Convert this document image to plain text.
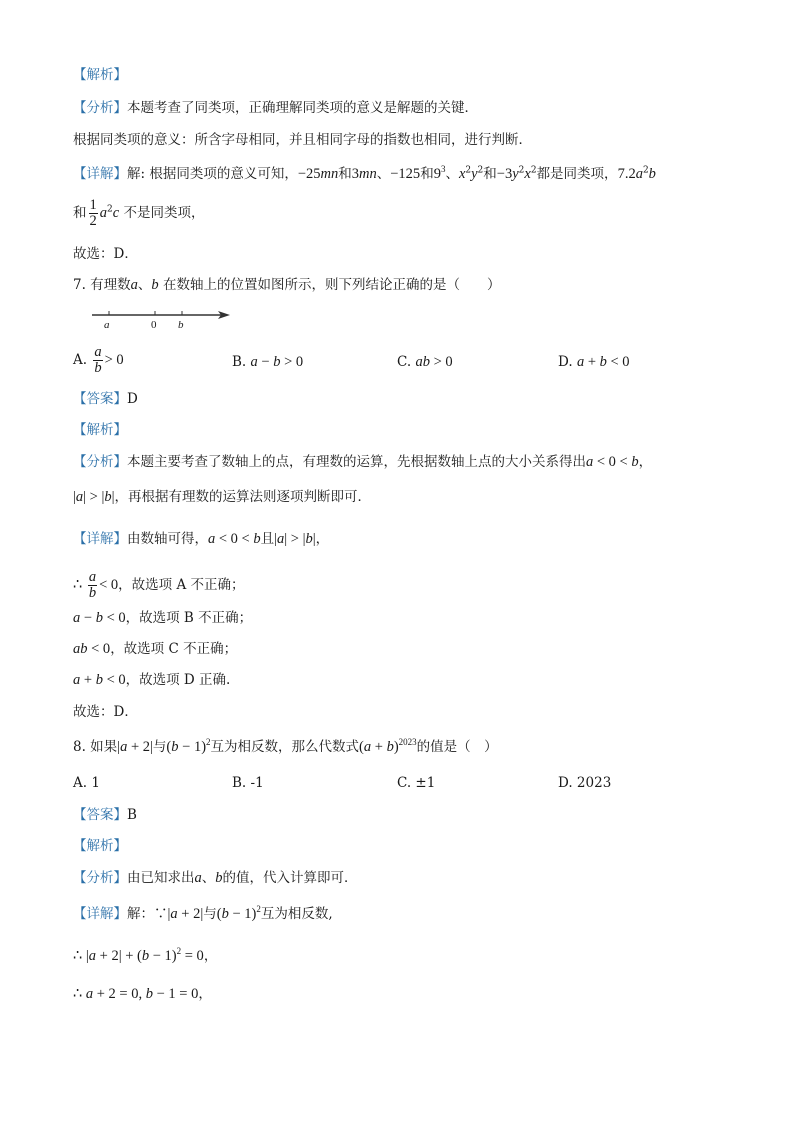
【解析】
【分析】本题考查了同类项，正确理解同类项的意义是解题的关键．
根据同类项的意义：所含字母相同，并且相同字母的指数也相同，进行判断．
【详解】解: 根据同类项的意义可知，−25mn和3mn、−125和$9^3$、$x^2y^2$和$-3y^2x^2$都是同类项，$7.2a^2b$
和 $\frac{1}{2} a^2c$ 不是同类项，
故选：D．
7. 有理数a、b 在数轴上的位置如图所示，则下列结论正确的是（　　）
a	0 b
A. $\frac{a}{b} > 0$	B. a − b > 0	C. ab > 0	D. a + b < 0
【答案】D
【解析】
【分析】本题主要考查了数轴上的点，有理数的运算，先根据数轴上点的大小关系得出a < 0 < b，
|a| > |b|，再根据有理数的运算法则逐项判断即可．
【详解】由数轴可得，a < 0 < b且|a| > |b|，
∴ $\frac{a}{b} < 0$，故选项 A 不正确；
a − b < 0，故选项 B 不正确；
ab < 0，故选项 C 不正确；
a + b < 0，故选项 D 正确.
故选：D．
8. 如果|a + 2|与$(b - 1)^2$互为相反数，那么代数式$(a + b)^{2023}$的值是（　）
A. 1	B. -1	C. ±1	D. 2023
【答案】B
【解析】
【分析】由已知求出a、b的值，代入计算即可．
【详解】解：∵|a + 2|与$(b - 1)^2$互为相反数,
∴ $|a + 2| + (b - 1)^2 = 0$，
∴ a + 2 = 0, b − 1 = 0，
